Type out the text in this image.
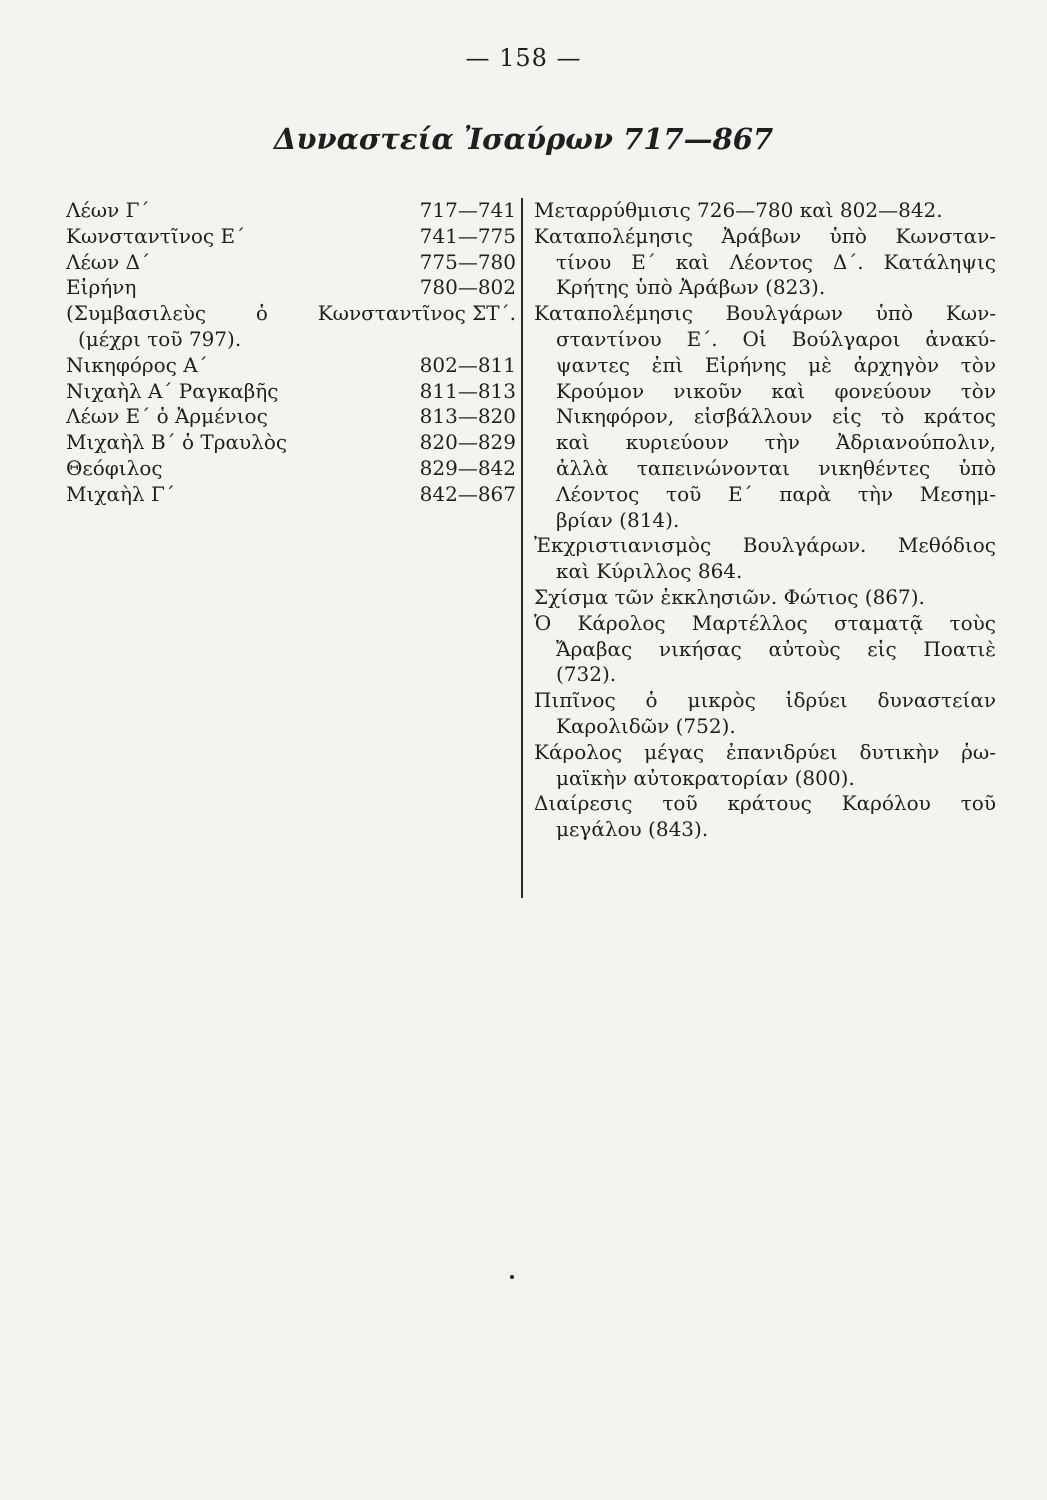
— 158 —
Δυναστεία Ἰσαύρων 717—867
Λέων Γ΄	717—741
Κωνσταντῖνος Ε΄	741—775
Λέων Δ΄	775—780
Εἰρήνη	780—802
(Συμβασιλεὺς ὁ Κωνσταντῖνος ΣΤ΄.
(μέχρι τοῦ 797).
Νικηφόρος Α΄	802—811
Νιχαὴλ Α΄ Ραγκαβῆς	811—813
Λέων Ε΄ ὁ Ἀρμένιος	813—820
Μιχαὴλ Β΄ ὁ Τραυλὸς	820—829
Θεόφιλος	829—842
Μιχαὴλ Γ΄	842—867
Μεταρρύθμισις 726—780 καὶ 802—842.
Καταπολέμησις Ἀράβων ὑπὸ Κωνσταν-
τίνου Ε΄ καὶ Λέοντος Δ΄. Κατάληψις
Κρήτης ὑπὸ Ἀράβων (823).
Καταπολέμησις Βουλγάρων ὑπὸ Κων-
σταντίνου Ε΄. Οἱ Βούλγαροι ἀνακύ-
ψαντες ἐπὶ Εἰρήνης μὲ ἀρχηγὸν τὸν
Κρούμον νικοῦν καὶ φονεύουν τὸν
Νικηφόρον, εἰσβάλλουν εἰς τὸ κράτος
καὶ κυριεύουν τὴν Ἀδριανούπολιν,
ἀλλὰ ταπεινώνονται νικηθέντες ὑπὸ
Λέοντος τοῦ Ε΄ παρὰ τὴν Μεσημ-
βρίαν (814).
Ἐκχριστιανισμὸς Βουλγάρων. Μεθόδιος
καὶ Κύριλλος 864.
Σχίσμα τῶν ἐκκλησιῶν. Φώτιος (867).
Ὁ Κάρολος Μαρτέλλος σταματᾷ τοὺς
Ἄραβας νικήσας αὐτοὺς εἰς Ποατιὲ
(732).
Πιπῖνος ὁ μικρὸς ἱδρύει δυναστείαν
Καρολιδῶν (752).
Κάρολος μέγας ἐπανιδρύει δυτικὴν ῥω-
μαϊκὴν αὐτοκρατορίαν (800).
Διαίρεσις τοῦ κράτους Καρόλου τοῦ
μεγάλου (843).
